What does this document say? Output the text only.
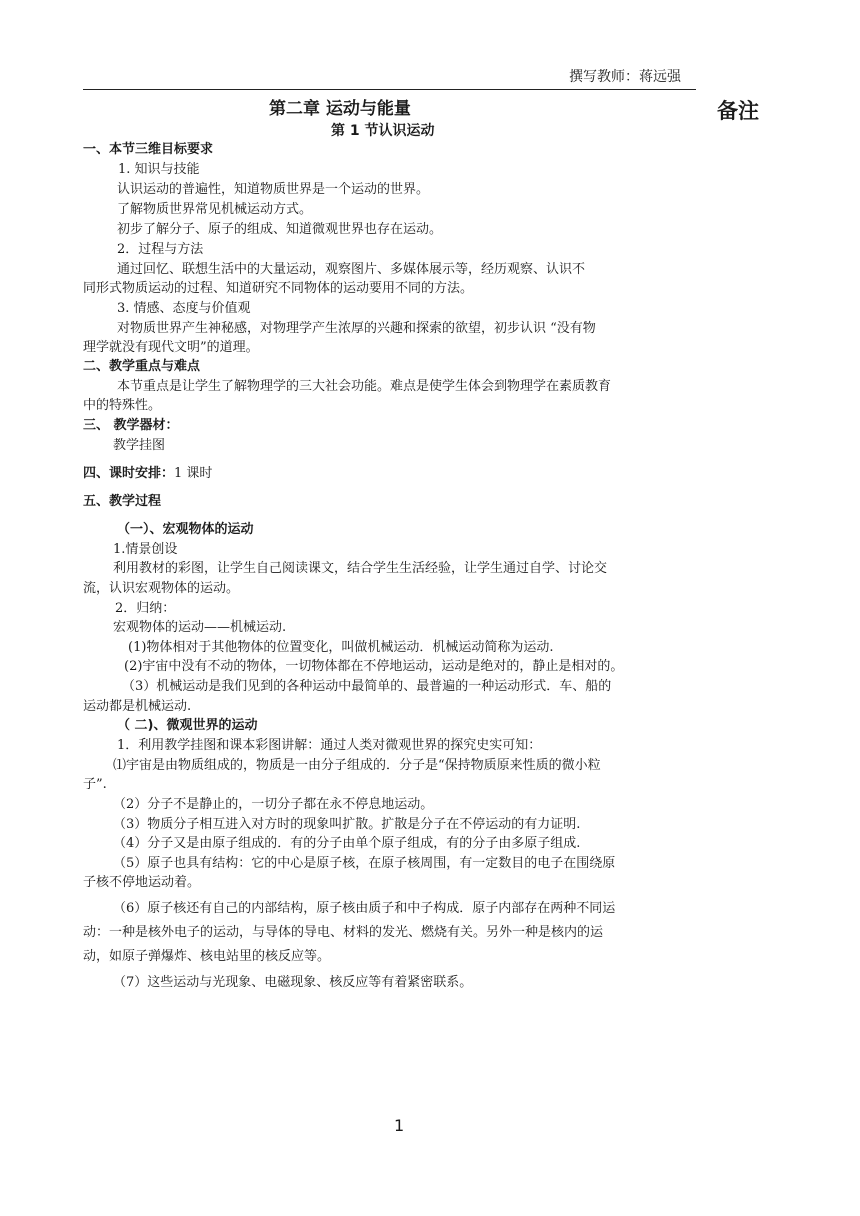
撰写教师：蒋远强
备注
第二章 运动与能量
第 1 节认识运动
一、本节三维目标要求
1. 知识与技能
认识运动的普遍性，知道物质世界是一个运动的世界。
了解物质世界常见机械运动方式。
初步了解分子、原子的组成、知道微观世界也存在运动。
2．过程与方法
通过回忆、联想生活中的大量运动，观察图片、多媒体展示等，经历观察、认识不
同形式物质运动的过程、知道研究不同物体的运动要用不同的方法。
3. 情感、态度与价值观
对物质世界产生神秘感，对物理学产生浓厚的兴趣和探索的欲望，初步认识 “没有物
理学就没有现代文明”的道理。
二、教学重点与难点
本节重点是让学生了解物理学的三大社会功能。难点是使学生体会到物理学在素质教育
中的特殊性。
三、 教学器材：
教学挂图
四、课时安排：1 课时
五、教学过程
（一）、宏观物体的运动
1.情景创设
利用教材的彩图，让学生自己阅读课文，结合学生生活经验，让学生通过自学、讨论交
流，认识宏观物体的运动。
2．归纳：
宏观物体的运动——机械运动.
(1)物体相对于其他物体的位置变化，叫做机械运动．机械运动简称为运动.
(2)宇宙中没有不动的物体，一切物体都在不停地运动，运动是绝对的，静止是相对的。
（3）机械运动是我们见到的各种运动中最简单的、最普遍的一种运动形式．车、船的
运动都是机械运动.
（ 二)、微观世界的运动
1．利用教学挂图和课本彩图讲解：通过人类对微观世界的探究史实可知：
⑴宇宙是由物质组成的，物质是一由分子组成的．分子是“保持物质原来性质的微小粒
子”.
（2）分子不是静止的，一切分子都在永不停息地运动。
（3）物质分子相互进入对方时的现象叫扩散。扩散是分子在不停运动的有力证明.
（4）分子又是由原子组成的．有的分子由单个原子组成，有的分子由多原子组成.
（5）原子也具有结构：它的中心是原子核，在原子核周围，有一定数目的电子在围绕原
子核不停地运动着。
（6）原子核还有自己的内部结构，原子核由质子和中子构成．原子内部存在两种不同运
动：一种是核外电子的运动，与导体的导电、材料的发光、燃烧有关。另外一种是核内的运
动，如原子弹爆炸、核电站里的核反应等。
（7）这些运动与光现象、电磁现象、核反应等有着紧密联系。
1
